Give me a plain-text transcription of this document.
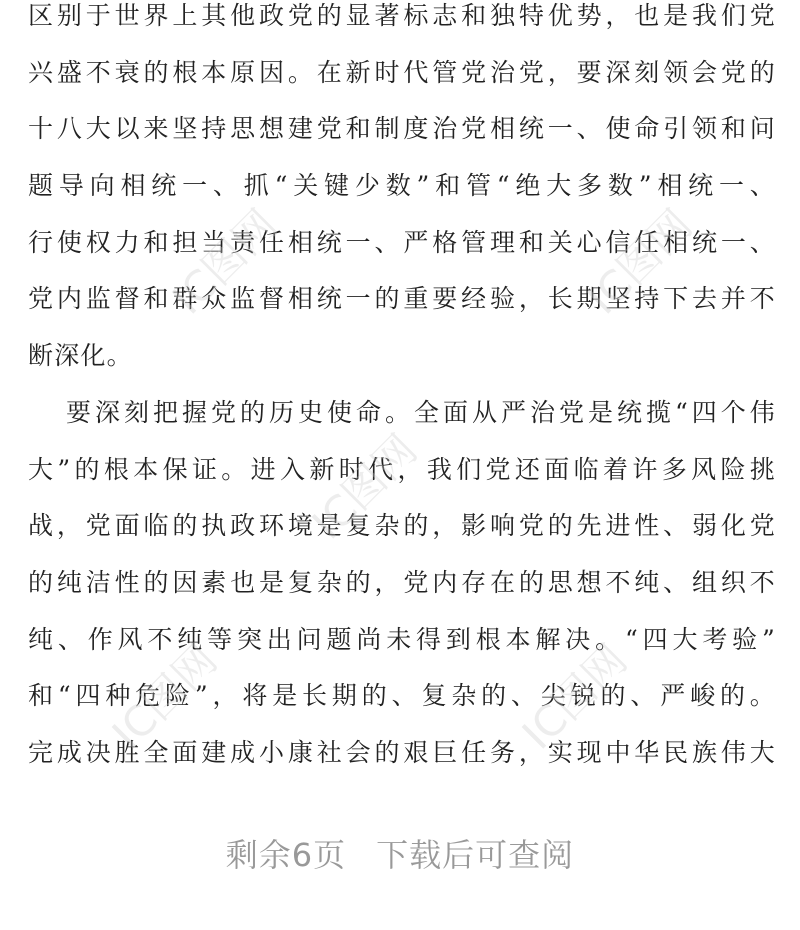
区别于世界上其他政党的显著标志和独特优势，也是我们党
兴盛不衰的根本原因。在新时代管党治党，要深刻领会党的
十八大以来坚持思想建党和制度治党相统一、使命引领和问
题导向相统一、抓“关键少数”和管“绝大多数”相统一、
行使权力和担当责任相统一、严格管理和关心信任相统一、
党内监督和群众监督相统一的重要经验，长期坚持下去并不
断深化。
要深刻把握党的历史使命。全面从严治党是统揽“四个伟
大”的根本保证。进入新时代，我们党还面临着许多风险挑
战，党面临的执政环境是复杂的，影响党的先进性、弱化党
的纯洁性的因素也是复杂的，党内存在的思想不纯、组织不
纯、作风不纯等突出问题尚未得到根本解决。“四大考验”
和“四种危险”，将是长期的、复杂的、尖锐的、严峻的。
完成决胜全面建成小康社会的艰巨任务，实现中华民族伟大
IC图网	IC图网
IC图网
IC图网	IC图网
剩余6页 下载后可查阅
